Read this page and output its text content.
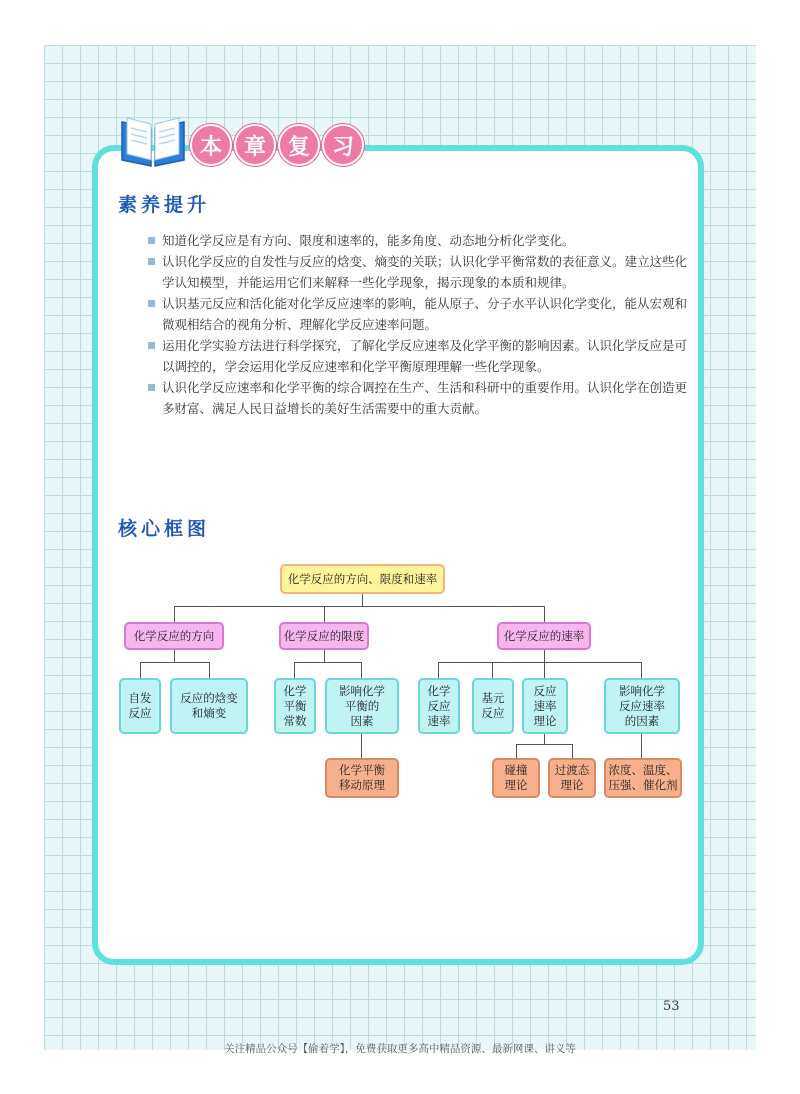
本 章 复 习
素养提升
知道化学反应是有方向、限度和速率的，能多角度、动态地分析化学变化。
认识化学反应的自发性与反应的焓变、熵变的关联；认识化学平衡常数的表征意义。建立这些化学认知模型，并能运用它们来解释一些化学现象，揭示现象的本质和规律。
认识基元反应和活化能对化学反应速率的影响，能从原子、分子水平认识化学变化，能从宏观和微观相结合的视角分析、理解化学反应速率问题。
运用化学实验方法进行科学探究，了解化学反应速率及化学平衡的影响因素。认识化学反应是可以调控的，学会运用化学反应速率和化学平衡原理理解一些化学现象。
认识化学反应速率和化学平衡的综合调控在生产、生活和科研中的重要作用。认识化学在创造更多财富、满足人民日益增长的美好生活需要中的重大贡献。
核心框图
化学反应的方向、限度和速率
化学反应的方向	化学反应的限度	化学反应的速率
自发
反应
反应的焓变
和熵变
化学
平衡
常数
影响化学
平衡的
因素
化学平衡
移动原理
化学
反应
速率
基元
反应
反应
速率
理论
影响化学
反应速率
的因素
碰撞
理论
过渡态
理论
浓度、温度、
压强、催化剂
53
关注精品公众号【偷着学】，免费获取更多高中精品资源、最新网课、讲义等
